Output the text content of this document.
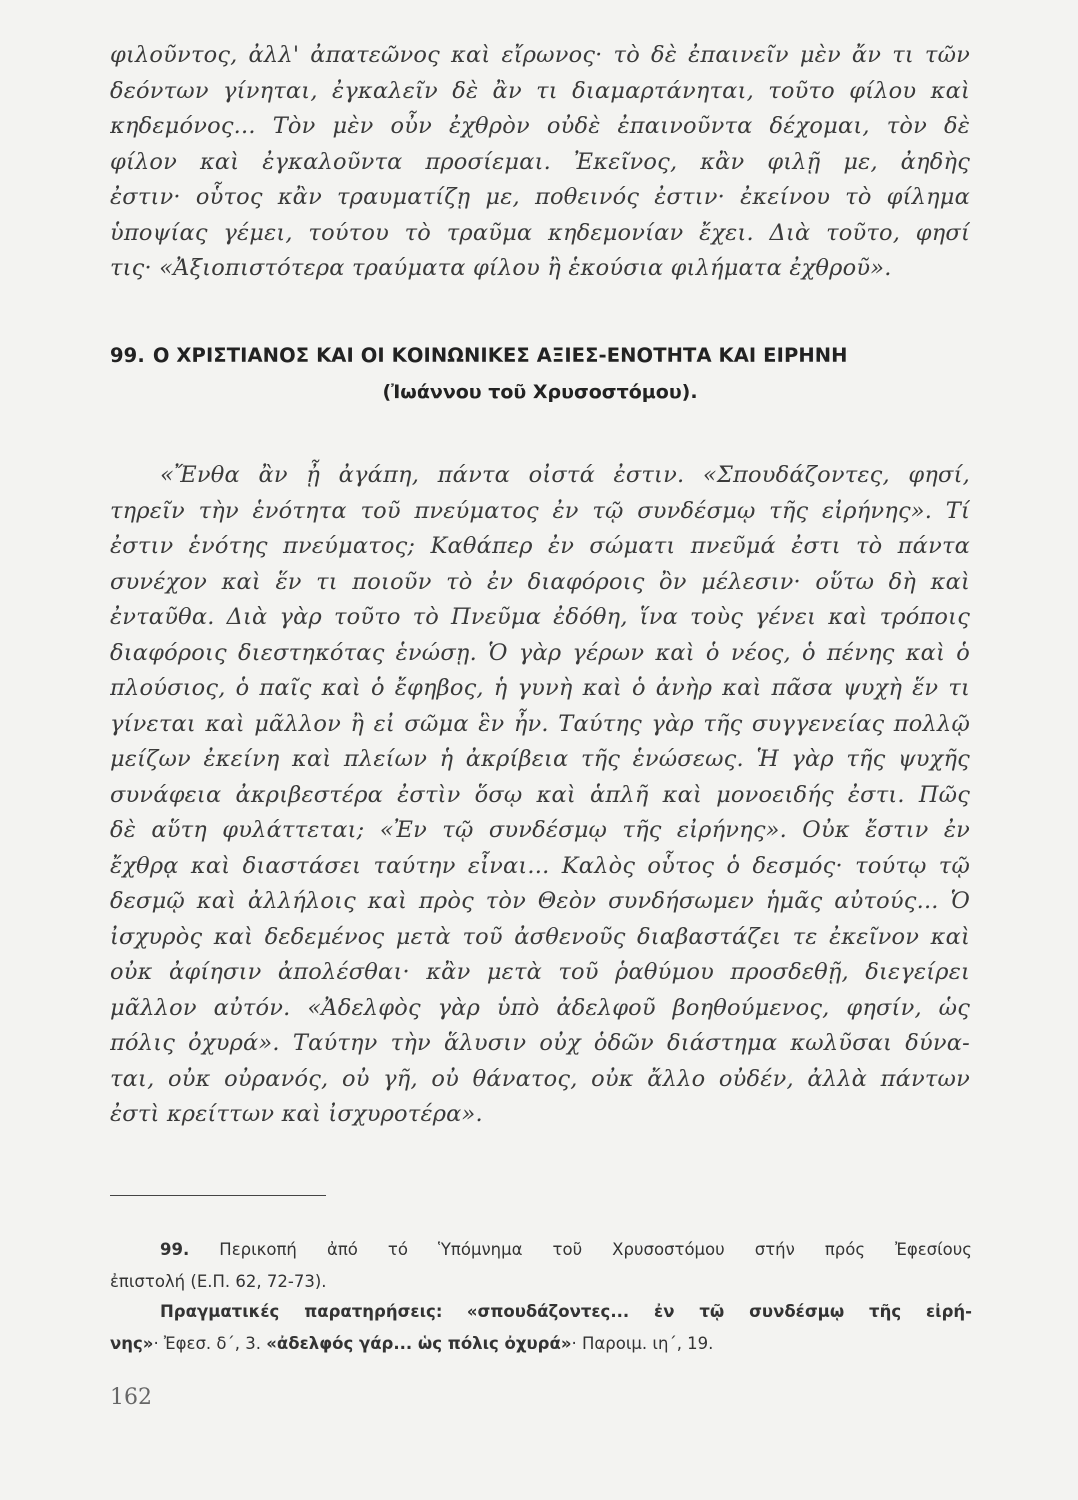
φιλοῦντος, ἀλλ' ἀπατεῶνος καὶ εἴρωνος· τὸ δὲ ἐπαινεῖν μὲν ἄν τι τῶν
δεόντων γίνηται, ἐγκαλεῖν δὲ ἂν τι διαμαρτάνηται, τοῦτο φίλου καὶ
κηδεμόνος... Τὸν μὲν οὖν ἐχθρὸν οὐδὲ ἐπαινοῦντα δέχομαι, τὸν δὲ
φίλον καὶ ἐγκαλοῦντα προσίεμαι. Ἐκεῖνος, κἂν φιλῇ με, ἀηδὴς
ἐστιν· οὗτος κἂν τραυματίζῃ με, ποθεινός ἐστιν· ἐκείνου τὸ φίλημα
ὑποψίας γέμει, τούτου τὸ τραῦμα κηδεμονίαν ἔχει. Διὰ τοῦτο, φησί
τις· «Ἀξιοπιστότερα τραύματα φίλου ἢ ἑκούσια φιλήματα ἐχθροῦ».
99. Ο ΧΡΙΣΤΙΑΝΟΣ ΚΑΙ ΟΙ ΚΟΙΝΩΝΙΚΕΣ ΑΞΙΕΣ-ΕΝΟΤΗΤΑ ΚΑΙ ΕΙΡΗΝΗ
(Ἰωάννου τοῦ Χρυσοστόμου).
«Ἔνθα ἂν ᾖ ἀγάπη, πάντα οἰστά ἐστιν. «Σπουδάζοντες, φησί,
τηρεῖν τὴν ἑνότητα τοῦ πνεύματος ἐν τῷ συνδέσμῳ τῆς εἰρήνης». Τί
ἐστιν ἑνότης πνεύματος; Καθάπερ ἐν σώματι πνεῦμά ἐστι τὸ πάντα
συνέχον καὶ ἕν τι ποιοῦν τὸ ἐν διαφόροις ὂν μέλεσιν· οὕτω δὴ καὶ
ἐνταῦθα. Διὰ γὰρ τοῦτο τὸ Πνεῦμα ἐδόθη, ἵνα τοὺς γένει καὶ τρόποις
διαφόροις διεστηκότας ἑνώσῃ. Ὁ γὰρ γέρων καὶ ὁ νέος, ὁ πένης καὶ ὁ
πλούσιος, ὁ παῖς καὶ ὁ ἔφηβος, ἡ γυνὴ καὶ ὁ ἀνὴρ καὶ πᾶσα ψυχὴ ἕν τι
γίνεται καὶ μᾶλλον ἢ εἰ σῶμα ἓν ἦν. Ταύτης γὰρ τῆς συγγενείας πολλῷ
μείζων ἐκείνη καὶ πλείων ἡ ἀκρίβεια τῆς ἑνώσεως. Ἡ γὰρ τῆς ψυχῆς
συνάφεια ἀκριβεστέρα ἐστὶν ὅσῳ καὶ ἁπλῆ καὶ μονοειδής ἐστι. Πῶς
δὲ αὕτη φυλάττεται; «Ἐν τῷ συνδέσμῳ τῆς εἰρήνης». Οὐκ ἔστιν ἐν
ἔχθρᾳ καὶ διαστάσει ταύτην εἶναι... Καλὸς οὗτος ὁ δεσμός· τούτῳ τῷ
δεσμῷ καὶ ἀλλήλοις καὶ πρὸς τὸν Θεὸν συνδήσωμεν ἡμᾶς αὐτούς... Ὁ
ἰσχυρὸς καὶ δεδεμένος μετὰ τοῦ ἀσθενοῦς διαβαστάζει τε ἐκεῖνον καὶ
οὐκ ἀφίησιν ἀπολέσθαι· κἂν μετὰ τοῦ ῥαθύμου προσδεθῇ, διεγείρει
μᾶλλον αὐτόν. «Ἀδελφὸς γὰρ ὑπὸ ἀδελφοῦ βοηθούμενος, φησίν, ὡς
πόλις ὀχυρά». Ταύτην τὴν ἅλυσιν οὐχ ὁδῶν διάστημα κωλῦσαι δύνα-
ται, οὐκ οὐρανός, οὐ γῆ, οὐ θάνατος, οὐκ ἄλλο οὐδέν, ἀλλὰ πάντων
ἐστὶ κρείττων καὶ ἰσχυροτέρα».
99. Περικοπή ἀπό τό Ὑπόμνημα τοῦ Χρυσοστόμου στήν πρός Ἐφεσίους
ἐπιστολή (Ε.Π. 62, 72-73).
Πραγματικές παρατηρήσεις: «σπουδάζοντες... ἐν τῷ συνδέσμῳ τῆς εἰρή-
νης»· Ἐφεσ. δ΄, 3. «ἀδελφός γάρ... ὡς πόλις ὀχυρά»· Παροιμ. ιη΄, 19.
162
